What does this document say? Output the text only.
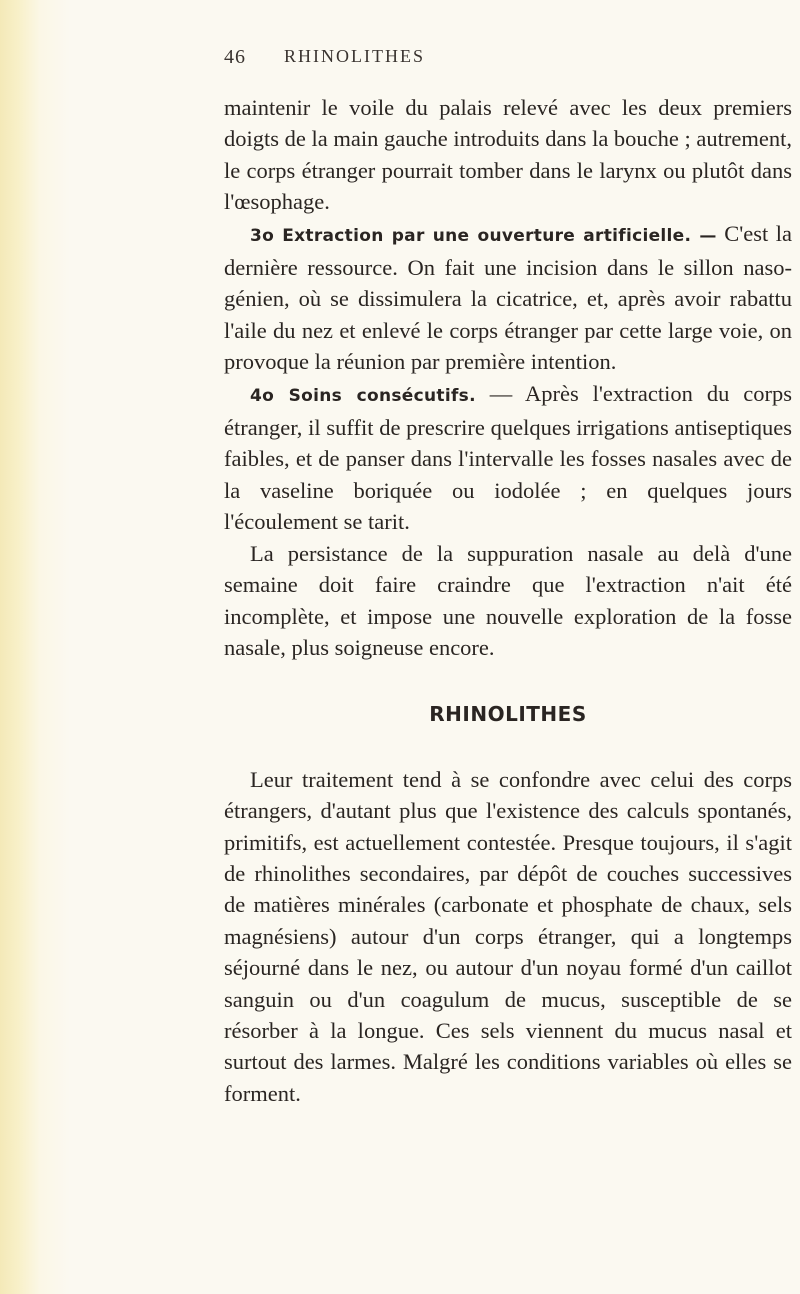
46 RHINOLITHES

maintenir le voile du palais relevé avec les deux premiers doigts de la main gauche introduits dans la bouche ; autrement, le corps étranger pourrait tomber dans le larynx ou plutôt dans l'œsophage.

3o Extraction par une ouverture artificielle. — C'est la dernière ressource. On fait une incision dans le sillon naso-génien, où se dissimulera la cicatrice, et, après avoir rabattu l'aile du nez et enlevé le corps étranger par cette large voie, on provoque la réunion par première intention.

4o Soins consécutifs. — Après l'extraction du corps étranger, il suffit de prescrire quelques irrigations antiseptiques faibles, et de panser dans l'intervalle les fosses nasales avec de la vaseline boriquée ou iodolée ; en quelques jours l'écoulement se tarit.

La persistance de la suppuration nasale au delà d'une semaine doit faire craindre que l'extraction n'ait été incomplète, et impose une nouvelle exploration de la fosse nasale, plus soigneuse encore.

RHINOLITHES

Leur traitement tend à se confondre avec celui des corps étrangers, d'autant plus que l'existence des calculs spontanés, primitifs, est actuellement contestée. Presque toujours, il s'agit de rhinolithes secondaires, par dépôt de couches successives de matières minérales (carbonate et phosphate de chaux, sels magnésiens) autour d'un corps étranger, qui a longtemps séjourné dans le nez, ou autour d'un noyau formé d'un caillot sanguin ou d'un coagulum de mucus, susceptible de se résorber à la longue. Ces sels viennent du mucus nasal et surtout des larmes. Malgré les conditions variables où elles se forment.
